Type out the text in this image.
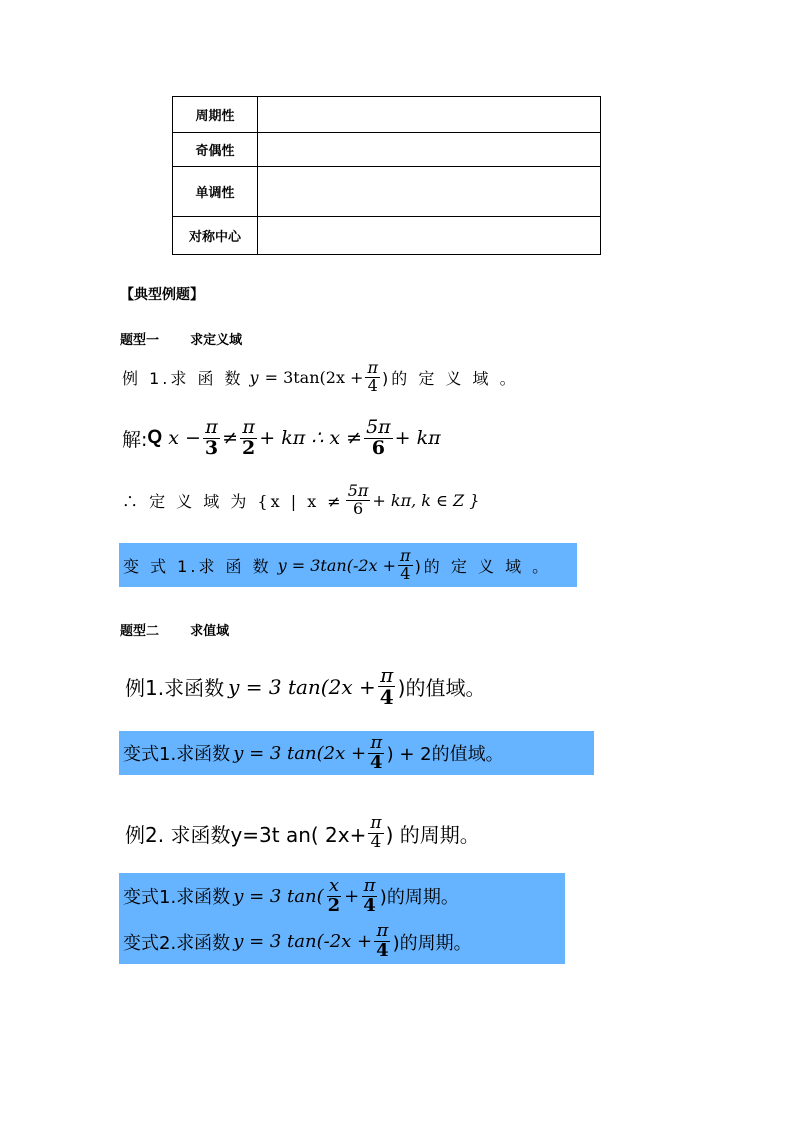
周期性	
奇偶性	
单调性	
对称中心	
【典型例题】
题型一 求定义域
例 1.求 函 数 $y = 3\tan(2x + \frac{\pi}{4}$ )的 定 义 域 。
解: Q $x - \frac{\pi}{3} \ne \frac{\pi}{2} + k\pi$ ∴ $x \ne \frac{5\pi}{6} + k\pi$
∴ 定 义 域 为 {x | $x \ne \frac{5\pi}{6} + k\pi$, k ∈ Z }
变 式 1.求 函 数 $y = 3\tan(-2x + \frac{\pi}{4}$ )的 定 义 域 。
题型二 求值域
例1.求函数 y = 3 $\tan(2x + \frac{\pi}{4}$ )的值域。
变式1.求函数 y = 3 $\tan(2x + \frac{\pi}{4}$ ) + 2的值域。
例2. 求函数y=3t an( $2x+ \frac{\pi}{4}$ ) 的周期。
变式1.求函数 y = 3 $\tan( \frac{x}{2} + \frac{\pi}{4}$ )的周期。
变式2.求函数 y = 3 $\tan(-2x + \frac{\pi}{4}$ )的周期。
